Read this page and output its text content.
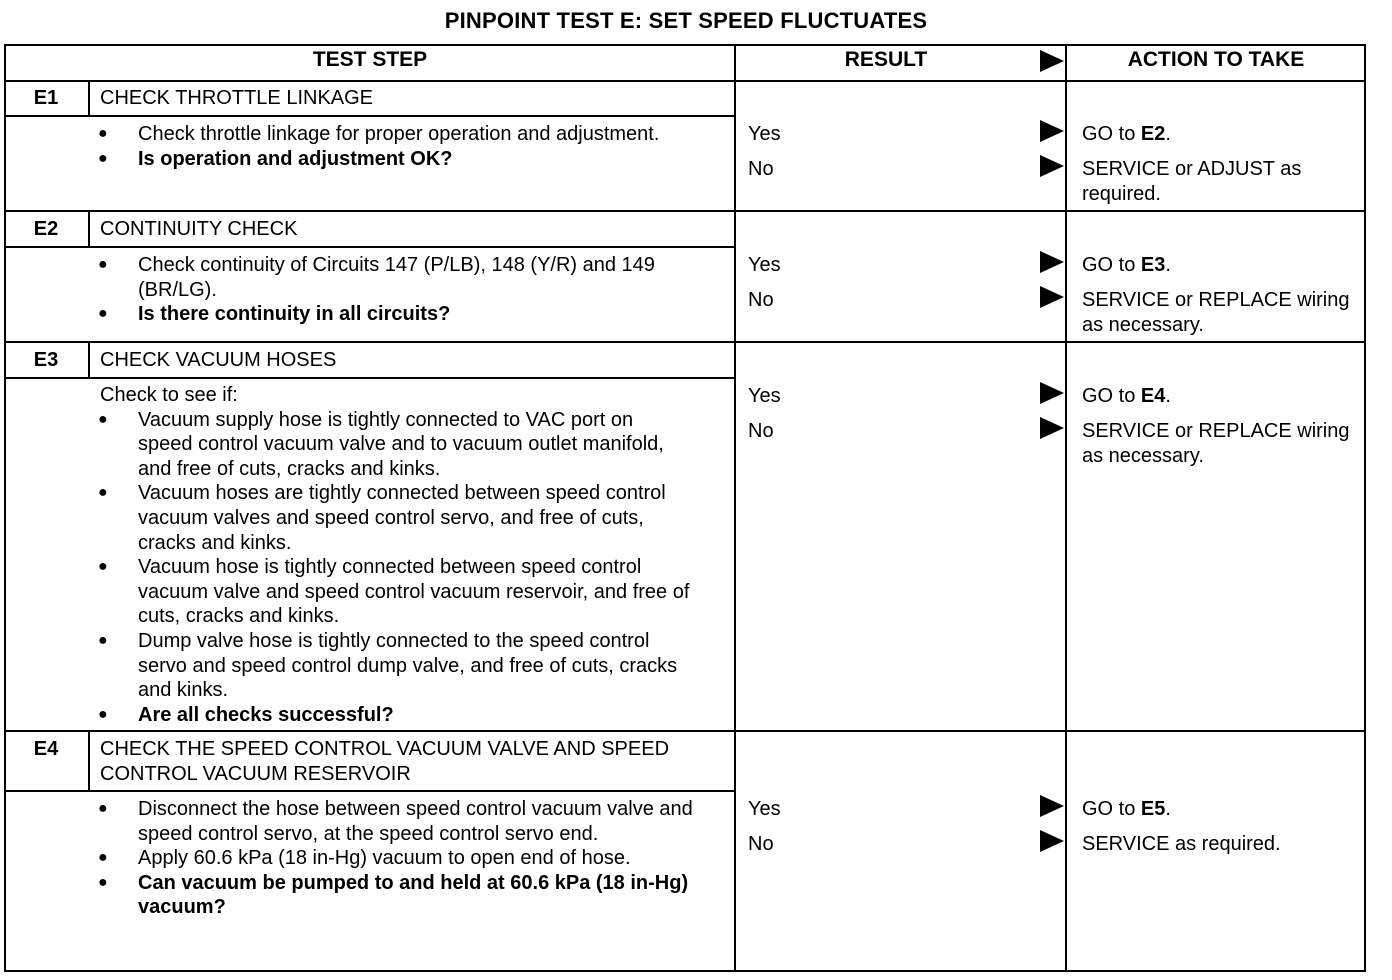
PINPOINT TEST E: SET SPEED FLUCTUATES
TEST STEP	RESULT	ACTION TO TAKE
E1	CHECK THROTTLE LINKAGE
● Check throttle linkage for proper operation and adjustment.
● Is operation and adjustment OK?
Yes	GO to E2.
No	SERVICE or ADJUST as required.
E2	CONTINUITY CHECK
● Check continuity of Circuits 147 (P/LB), 148 (Y/R) and 149 (BR/LG).
● Is there continuity in all circuits?
Yes	GO to E3.
No	SERVICE or REPLACE wiring as necessary.
E3	CHECK VACUUM HOSES
Check to see if:
● Vacuum supply hose is tightly connected to VAC port on speed control vacuum valve and to vacuum outlet manifold, and free of cuts, cracks and kinks.
● Vacuum hoses are tightly connected between speed control vacuum valves and speed control servo, and free of cuts, cracks and kinks.
● Vacuum hose is tightly connected between speed control vacuum valve and speed control vacuum reservoir, and free of cuts, cracks and kinks.
● Dump valve hose is tightly connected to the speed control servo and speed control dump valve, and free of cuts, cracks and kinks.
● Are all checks successful?
Yes	GO to E4.
No	SERVICE or REPLACE wiring as necessary.
E4	CHECK THE SPEED CONTROL VACUUM VALVE AND SPEED CONTROL VACUUM RESERVOIR
● Disconnect the hose between speed control vacuum valve and speed control servo, at the speed control servo end.
● Apply 60.6 kPa (18 in-Hg) vacuum to open end of hose.
● Can vacuum be pumped to and held at 60.6 kPa (18 in-Hg) vacuum?
Yes	GO to E5.
No	SERVICE as required.
